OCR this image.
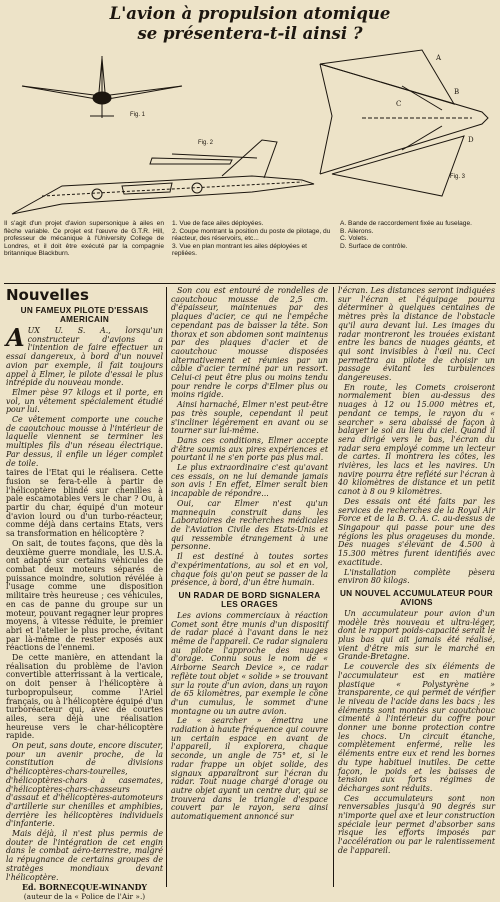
L'avion à propulsion atomique
se présentera-t-il ainsi ?
Fig. 1
Fig. 2
Fig. 3
A
B
C
D
Il s'agit d'un projet d'avion supersonique à ailes en flèche variable. Ce projet est l'œuvre de G.T.R. Hill, professeur de mécanique à l'University College de Londres, et il doit être exécuté par la compagnie britannique Blackburn.
1. Vue de face ailes déployées.
2. Coupe montrant la position du poste de pilotage, du réacteur, des réservoirs, etc...
3. Vue en plan montrant les ailes déployées et repliées.
A. Bande de raccordement fixée au fuselage.
B. Ailerons.
C. Volets.
D. Surface de contrôle.
Nouvelles
UN FAMEUX PILOTE D'ESSAIS AMERICAIN

AUX U. S. A., lorsqu'un constructeur d'avions a l'intention de faire effectuer un essai dangereux, à bord d'un nouvel avion par exemple, il fait toujours appel à Elmer, le pilote d'essai le plus intrépide du nouveau monde.

Elmer pèse 97 kilogs et il porte, en vol, un vêtement spécialement étudié pour lui.

Ce vêtement comporte une couche de caoutchouc mousse à l'intérieur de laquelle viennent se terminer les multiples fils d'un réseau électrique. Par dessus, il enfile un léger complet de toile.

taires de l'Etat qui le réalisera. Cette fusion se fera-t-elle à partir de l'hélicoptère blindé sur chenilles à pale escamotables vers le char ? Ou, à partir du char, équipé d'un moteur d'avion lourd ou d'un turbo-réacteur, comme déjà dans certains Etats, vers sa transformation en hélicoptère ?

On sait, de toutes façons, que dès la deuxième guerre mondiale, les U.S.A. ont adapté sur certains véhicules de combat deux moteurs séparés de puissance moindre, solution révélée à l'usage comme une disposition militaire très heureuse ; ces véhicules, en cas de panne du groupe sur un moteur, pouvant regagner leur propres moyens, à vitesse réduite, le premier abri et l'atelier le plus proche, évitant par là-même de rester exposés aux réactions de l'ennemi.

De cette manière, en attendant la réalisation du problème de l'avion convertible atterrissant à la verticale, on doit penser à l'hélicoptère à turbopropulseur, comme l'Ariel français, ou à l'hélicoptère équipé d'un turboréacteur qui, avec de courtes ailes, sera déjà une réalisation heureuse vers le char-hélicoptère rapide.

On peut, sans doute, encore discuter, pour un avenir proche, de la constitution de divisions d'hélicoptères-chars-tourelles, d'hélicoptères-chars à casemates, d'hélicoptères-chars-chasseurs d'assaut et d'hélicoptères-automoteurs d'artillerie sur chenilles et amphibies, derrière les hélicoptères individuels d'infanterie.

Mais déjà, il n'est plus permis de douter de l'intégration de cet engin dans le combat aéro-terrestre, malgré la répugnance de certains groupes de stratèges mondiaux devant l'hélicoptère.

Ed. BORNECQUE-WINANDY
(auteur de la « Police de l'Air ».)

Son cou est entouré de rondelles de caoutchouc mousse de 2,5 cm. d'épaisseur, maintenues par des plaques d'acier, ce qui ne l'empêche cependant pas de baisser la tête. Son thorax et son abdomen sont maintenus par des plaques d'acier et de caoutchouc mousse disposées alternativement et réunies par un câble d'acier terminé par un ressort. Celui-ci peut être plus ou moins tendu pour rendre le corps d'Elmer plus ou moins rigide.

Ainsi harnaché, Elmer n'est peut-être pas très souple, cependant il peut s'incliner légèrement en avant ou se tourner sur lui-même.

Dans ces conditions, Elmer accepte d'être soumis aux pires expériences et pourtant il ne s'en porte pas plus mal.

Le plus extraordinaire c'est qu'avant ces essais, on ne lui demande jamais son avis ! En effet, Elmer serait bien incapable de répondre...

Oui, car Elmer n'est qu'un mannequin construit dans les Laboratoires de recherches médicales de l'Aviation Civile des Etats-Unis et qui ressemble étrangement à une personne.

Il est destiné à toutes sortes d'expérimentations, au sol et en vol, chaque fois qu'on peut se passer de la présence, à bord, d'un être humain.

UN RADAR DE BORD SIGNALERA LES ORAGES

Les avions commerciaux à réaction Comet sont être munis d'un dispositif de radar placé à l'avant dans le nez même de l'appareil. Ce radar signalera au pilote l'approche des nuages d'orage. Connu sous le nom de « Airborne Search Device », ce radar reflète tout objet « solide » se trouvant sur la route d'un avion, dans un rayon de 65 kilomètres, par exemple le cône d'un cumulus, le sommet d'une montagne ou un autre avion.

Le « searcher » émettra une radiation à haute fréquence qui couvre un certain espace en avant de l'appareil, il explorera, chaque seconde, un angle de 75° et, si le radar frappe un objet solide, des signaux apparaîtront sur l'écran du radar. Tout nuage chargé d'orage ou autre objet ayant un centre dur, qui se trouvera dans le triangle d'espace couvert par le rayon, sera ainsi automatiquement annoncé sur

l'écran. Les distances seront indiquées sur l'écran et l'équipage pourra déterminer à quelques centaines de mètres près la distance de l'obstacle qu'il aura devant lui. Les images du radar montreront les trouées existant entre les bancs de nuages géants, et qui sont invisibles à l'œil nu. Ceci permettra au pilote de choisir un passage évitant les turbulences dangereuses.

En route, les Comets croiseront normalement bien au-dessus des nuages à 12 ou 15.000 mètres et, pendant ce temps, le rayon du « searcher » sera abaissé de façon à balayer le sol au lieu du ciel. Quand il sera dirigé vers le bas, l'écran du radar sera employé comme un lecteur de cartes. Il montrera les côtes, les rivières, les lacs et les navires. Un navire pourra être reflété sur l'écran à 40 kilomètres de distance et un petit canot à 8 ou 9 kilomètres.

Des essais ont été faits par les services de recherches de la Royal Air Force et de la B. O. A. C. au-dessus de Singapour qui passe pour une des régions les plus orageuses du monde. Des nuages s'élevant de 4.500 à 15.300 mètres furent identifiés avec exactitude.

L'installation complète pèsera environ 80 kilogs.

UN NOUVEL ACCUMULATEUR POUR AVIONS

Un accumulateur pour avion d'un modèle très nouveau et ultra-léger, dont le rapport poids-capacité serait le plus bas qui ait jamais été réalisé, vient d'être mis sur le marché en Grande-Bretagne.

Le couvercle des six éléments de l'accumulateur est en matière plastique « Polystyrène » transparente, ce qui permet de vérifier le niveau de l'acide dans les bacs ; les éléments sont montés sur caoutchouc cimenté à l'intérieur du coffre pour donner une bonne protection contre les chocs. Un circuit étanche, complètement enfermé, relie les éléments entre eux et rend les bornes du type habituel inutiles. De cette façon, le poids et les baisses de tension aux forts régimes de décharges sont réduits.

Ces accumulateurs sont non renversables jusqu'à 90 degrés sur n'importe quel axe et leur construction spéciale leur permet d'absorber sans risque les efforts imposés par l'accélération ou par le ralentissement de l'appareil.
